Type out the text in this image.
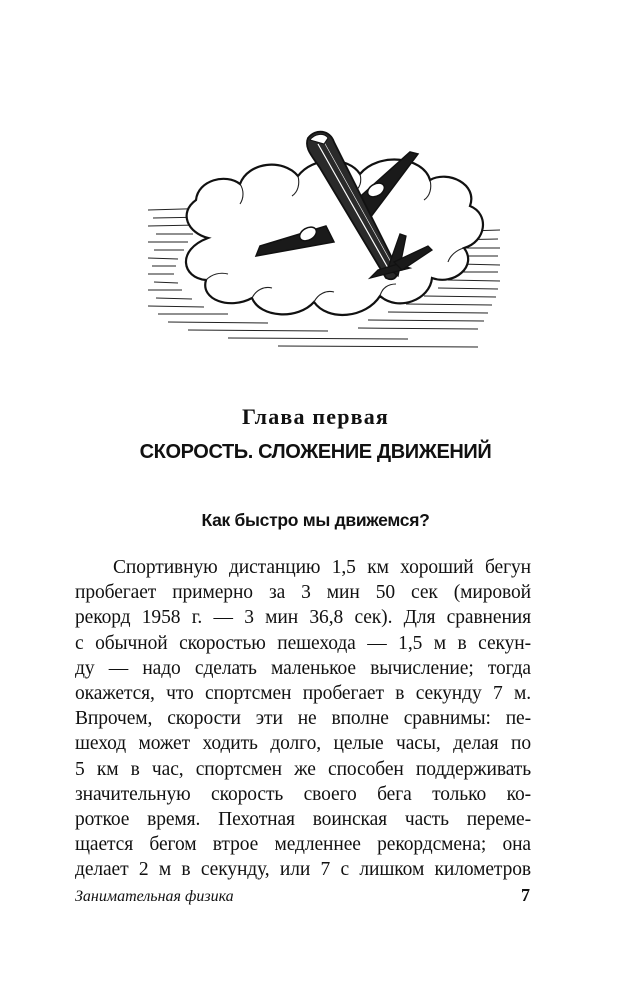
Глава первая
СКОРОСТЬ. СЛОЖЕНИЕ ДВИЖЕНИЙ
Как быстро мы движемся?
Спортивную дистанцию 1,5 км хороший бегун
пробегает примерно за 3 мин 50 сек (мировой
рекорд 1958 г. — 3 мин 36,8 сек). Для сравнения
с обычной скоростью пешехода — 1,5 м в секун-
ду — надо сделать маленькое вычисление; тогда
окажется, что спортсмен пробегает в секунду 7 м.
Впрочем, скорости эти не вполне сравнимы: пе-
шеход может ходить долго, целые часы, делая по
5 км в час, спортсмен же способен поддерживать
значительную скорость своего бега только ко-
роткое время. Пехотная воинская часть переме-
щается бегом втрое медленнее рекордсмена; она
делает 2 м в секунду, или 7 с лишком километров
Занимательная физика	7
